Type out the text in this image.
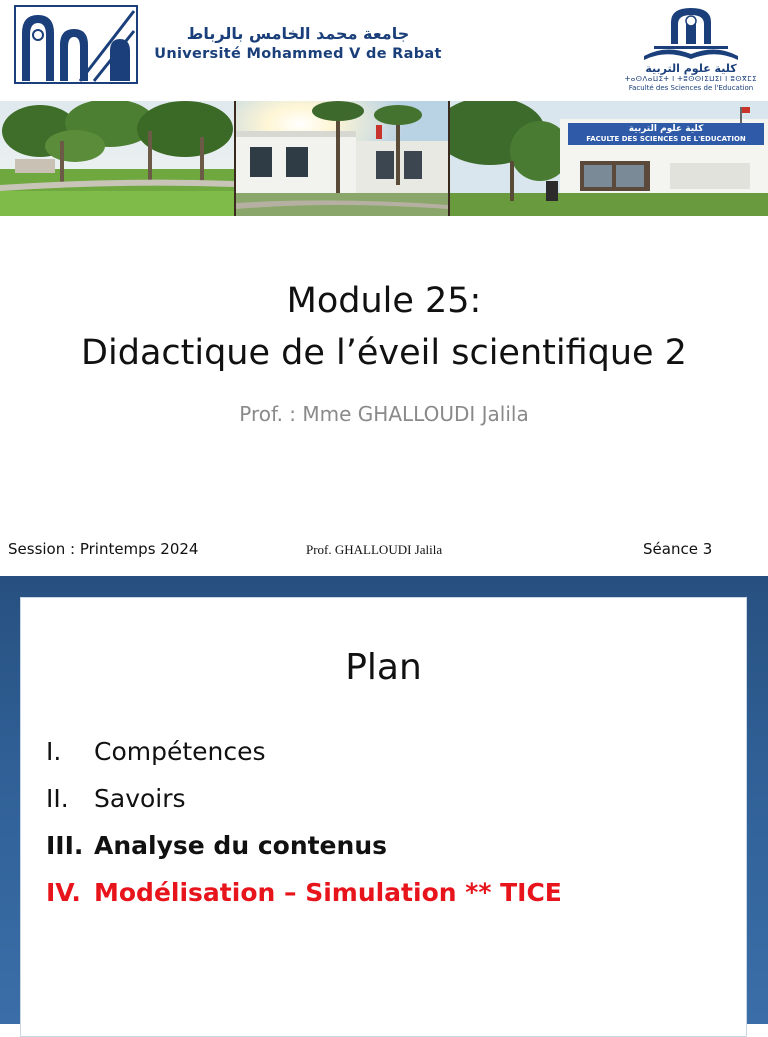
جامعة محمد الخامس بالرباط
Université Mohammed V de Rabat
كلية علوم التربية
ⵜⴰⵙⴷⴰⵡⵉⵜ ⵏ ⵜⵓⵙⵙⵏⵉⵡⵉⵏ ⵏ ⵓⵙⴳⵎⵉ
Faculté des Sciences de l'Education
كلية علوم التربية
FACULTE DES SCIENCES DE L'EDUCATION
Module 25:
Didactique de l’éveil scientifique 2
Prof. : Mme GHALLOUDI Jalila
Session : Printemps 2024	Prof. GHALLOUDI Jalila	Séance 3
Plan
I. Compétences
II. Savoirs
III. Analyse du contenus
IV. Modélisation – Simulation ** TICE
